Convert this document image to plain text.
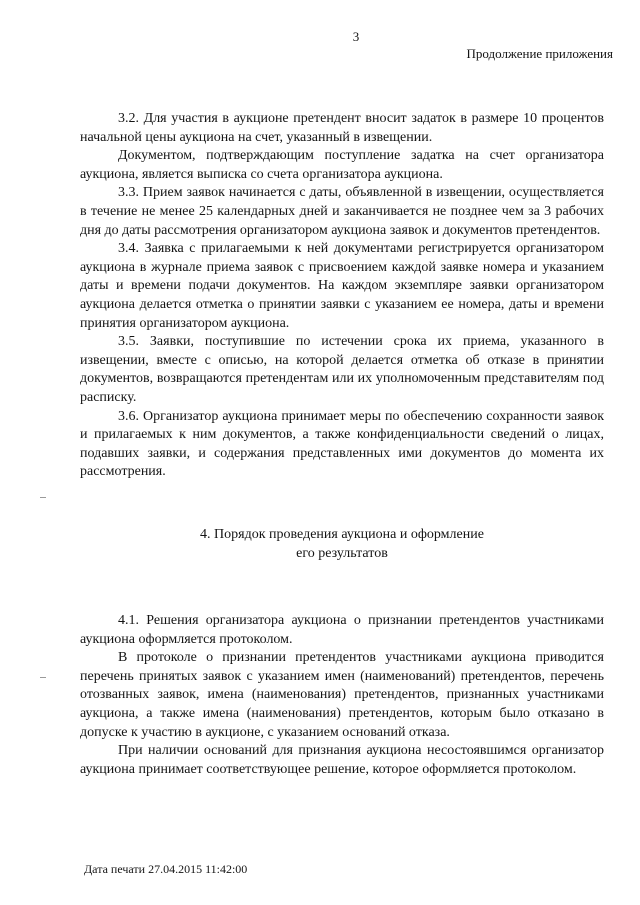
3
Продолжение приложения

3.2. Для участия в аукционе претендент вносит задаток в размере 10 процентов начальной цены аукциона на счет, указанный в извещении.

Документом, подтверждающим поступление задатка на счет организатора аукциона, является выписка со счета организатора аукциона.

3.3. Прием заявок начинается с даты, объявленной в извещении, осуществляется в течение не менее 25 календарных дней и заканчивается не позднее чем за 3 рабочих дня до даты рассмотрения организатором аукциона заявок и документов претендентов.

3.4. Заявка с прилагаемыми к ней документами регистрируется организатором аукциона в журнале приема заявок с присвоением каждой заявке номера и указанием даты и времени подачи документов. На каждом экземпляре заявки организатором аукциона делается отметка о принятии заявки с указанием ее номера, даты и времени принятия организатором аукциона.

3.5. Заявки, поступившие по истечении срока их приема, указанного в извещении, вместе с описью, на которой делается отметка об отказе в принятии документов, возвращаются претендентам или их уполномоченным представителям под расписку.

3.6. Организатор аукциона принимает меры по обеспечению сохранности заявок и прилагаемых к ним документов, а также конфиденциальности сведений о лицах, подавших заявки, и содержания представленных ими документов до момента их рассмотрения.

4. Порядок проведения аукциона и оформление
его результатов

4.1. Решения организатора аукциона о признании претендентов участниками аукциона оформляется протоколом.

В протоколе о признании претендентов участниками аукциона приводится перечень принятых заявок с указанием имен (наименований) претендентов, перечень отозванных заявок, имена (наименования) претендентов, признанных участниками аукциона, а также имена (наименования) претендентов, которым было отказано в допуске к участию в аукционе, с указанием оснований отказа.

При наличии оснований для признания аукциона несостоявшимся организатор аукциона принимает соответствующее решение, которое оформляется протоколом.

Дата печати 27.04.2015 11:42:00
